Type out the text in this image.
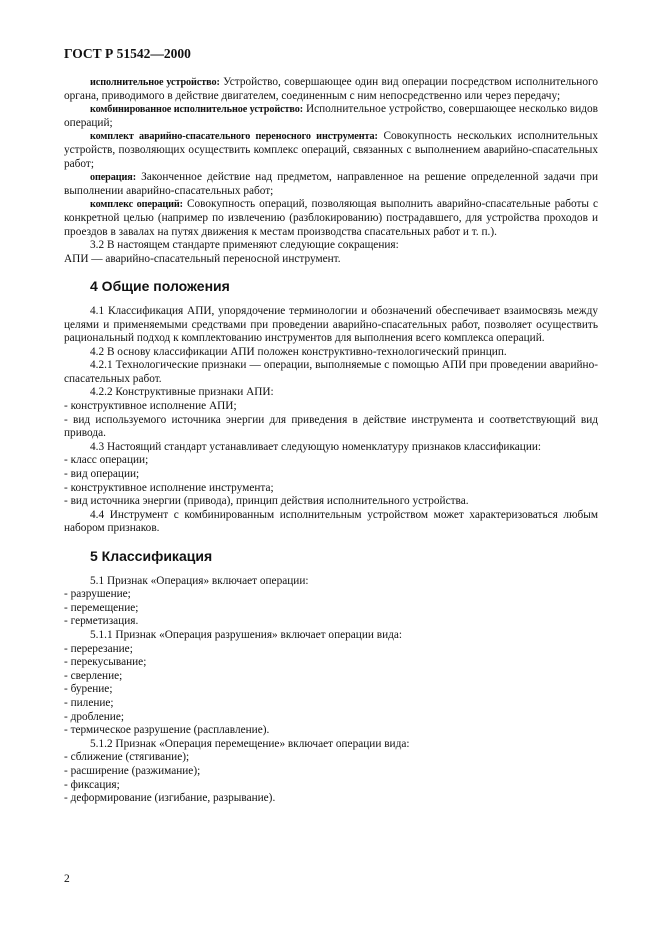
ГОСТ Р 51542—2000

исполнительное устройство: Устройство, совершающее один вид операции посредством исполнительного органа, приводимого в действие двигателем, соединенным с ним непосредственно или через передачу;

комбинированное исполнительное устройство: Исполнительное устройство, совершающее несколько видов операций;

комплект аварийно-спасательного переносного инструмента: Совокупность нескольких исполнительных устройств, позволяющих осуществить комплекс операций, связанных с выполнением аварийно-спасательных работ;

операция: Законченное действие над предметом, направленное на решение определенной задачи при выполнении аварийно-спасательных работ;

комплекс операций: Совокупность операций, позволяющая выполнить аварийно-спасательные работы с конкретной целью (например по извлечению (разблокированию) пострадавшего, для устройства проходов и проездов в завалах на путях движения к местам производства спасательных работ и т. п.).

3.2 В настоящем стандарте применяют следующие сокращения:

АПИ — аварийно-спасательный переносной инструмент.

4 Общие положения

4.1 Классификация АПИ, упорядочение терминологии и обозначений обеспечивает взаимосвязь между целями и применяемыми средствами при проведении аварийно-спасательных работ, позволяет осуществить рациональный подход к комплектованию инструментов для выполнения всего комплекса операций.

4.2 В основу классификации АПИ положен конструктивно-технологический принцип.

4.2.1 Технологические признаки — операции, выполняемые с помощью АПИ при проведении аварийно-спасательных работ.

4.2.2 Конструктивные признаки АПИ:

- конструктивное исполнение АПИ;

- вид используемого источника энергии для приведения в действие инструмента и соответствующий вид привода.

4.3 Настоящий стандарт устанавливает следующую номенклатуру признаков классификации:

- класс операции;

- вид операции;

- конструктивное исполнение инструмента;

- вид источника энергии (привода), принцип действия исполнительного устройства.

4.4 Инструмент с комбинированным исполнительным устройством может характеризоваться любым набором признаков.

5 Классификация

5.1 Признак «Операция» включает операции:

- разрушение;

- перемещение;

- герметизация.

5.1.1 Признак «Операция разрушения» включает операции вида:

- перерезание;

- перекусывание;

- сверление;

- бурение;

- пиление;

- дробление;

- термическое разрушение (расплавление).

5.1.2 Признак «Операция перемещение» включает операции вида:

- сближение (стягивание);

- расширение (разжимание);

- фиксация;

- деформирование (изгибание, разрывание).

2
